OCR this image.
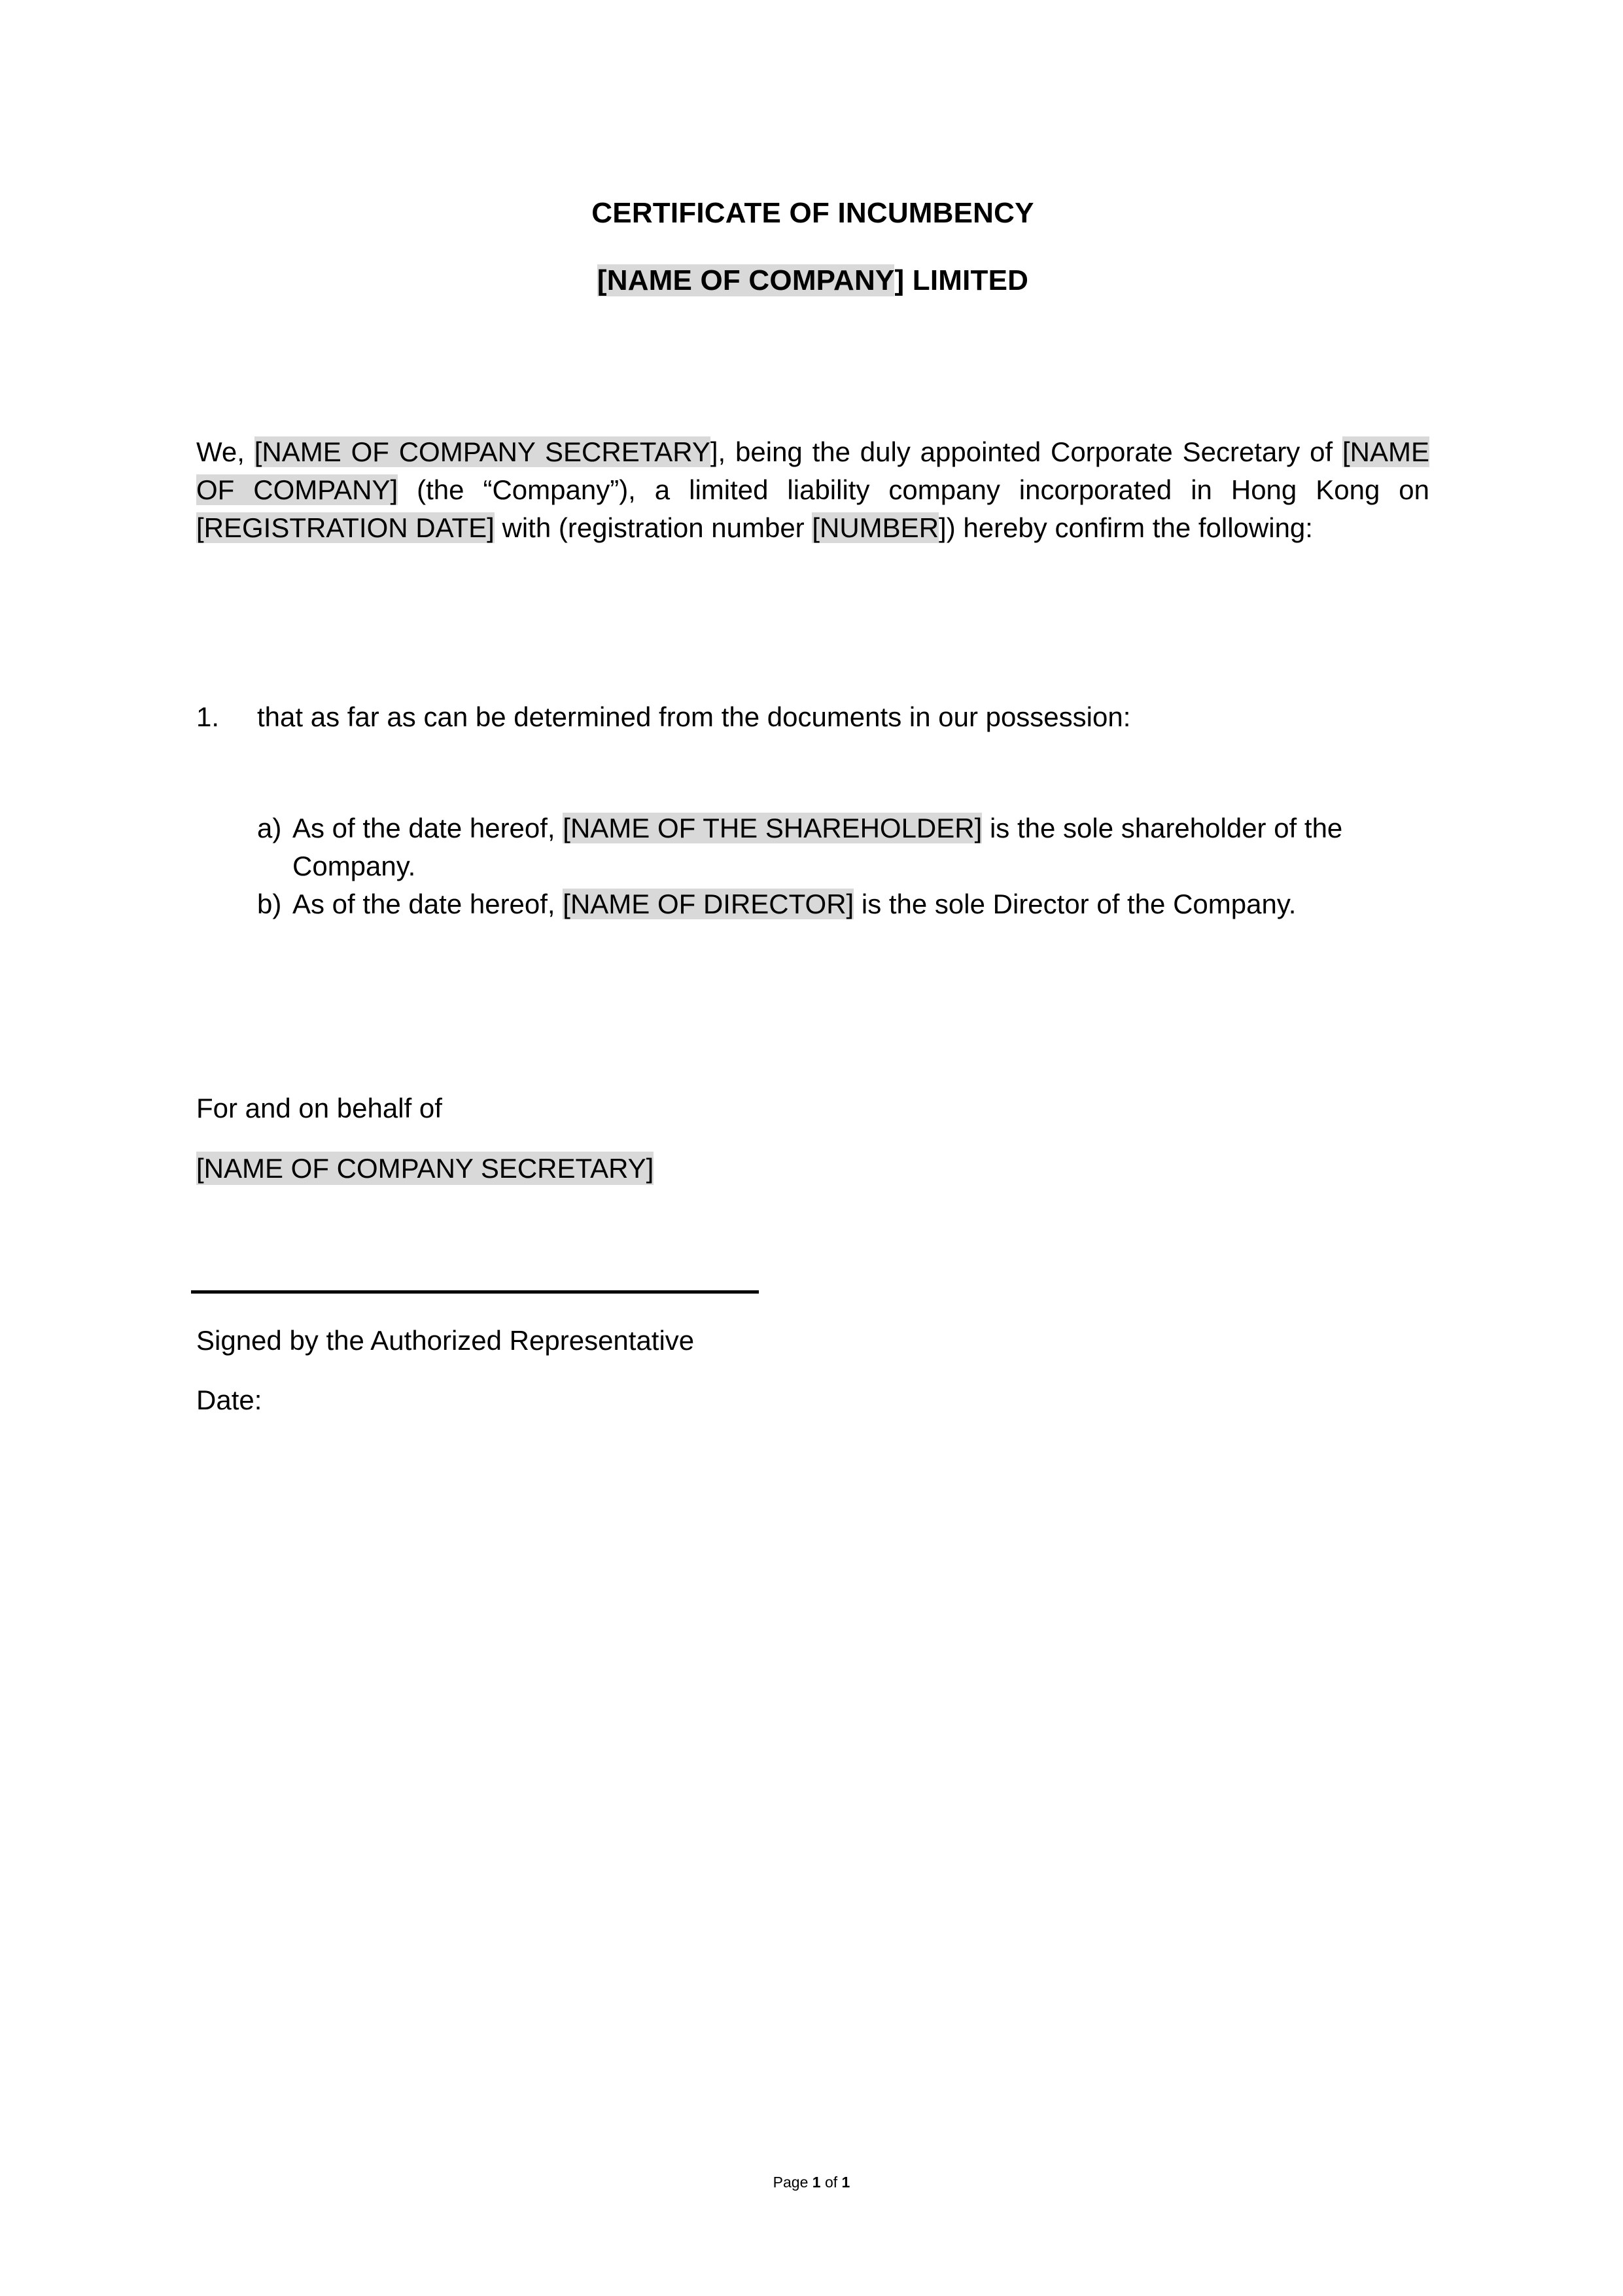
CERTIFICATE OF INCUMBENCY
[NAME OF COMPANY] LIMITED
We, [NAME OF COMPANY SECRETARY], being the duly appointed Corporate Secretary of [NAME OF COMPANY] (the “Company”), a limited liability company incorporated in Hong Kong on [REGISTRATION DATE] with (registration number [NUMBER]) hereby confirm the following:
1.	that as far as can be determined from the documents in our possession:
a) As of the date hereof, [NAME OF THE SHAREHOLDER] is the sole shareholder of the Company.
b) As of the date hereof, [NAME OF DIRECTOR] is the sole Director of the Company.
For and on behalf of
[NAME OF COMPANY SECRETARY]
Signed by the Authorized Representative
Date:
Page 1 of 1
